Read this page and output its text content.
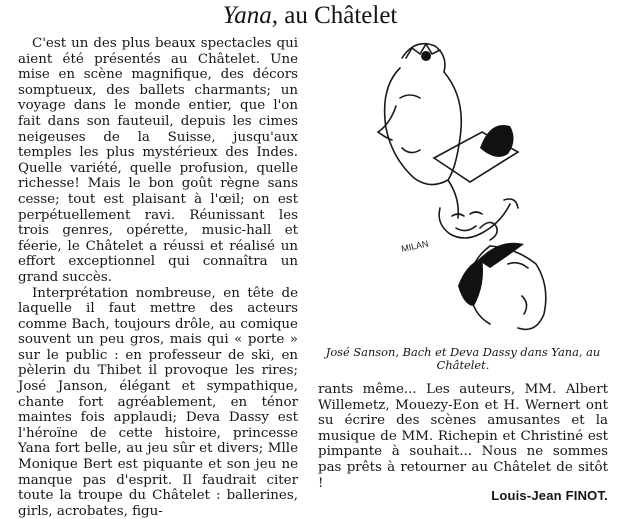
Yana, au Châtelet

C'est un des plus beaux spectacles qui aient été présentés au Châtelet. Une mise en scène magnifique, des décors somptueux, des ballets charmants; un voyage dans le monde entier, que l'on fait dans son fauteuil, depuis les cimes neigeuses de la Suisse, jusqu'aux temples les plus mystérieux des Indes. Quelle variété, quelle profusion, quelle richesse! Mais le bon goût règne sans cesse; tout est plaisant à l'œil; on est perpétuellement ravi. Réunissant les trois genres, opérette, music-hall et féerie, le Châtelet a réussi et réalisé un effort exceptionnel qui connaîtra un grand succès.

Interprétation nombreuse, en tête de laquelle il faut mettre des acteurs comme Bach, toujours drôle, au comique souvent un peu gros, mais qui « porte » sur le public : en professeur de ski, en pèlerin du Thibet il provoque les rires; José Janson, élégant et sympathique, chante fort agréablement, en ténor maintes fois applaudi; Deva Dassy est l'héroïne de cette histoire, princesse Yana fort belle, au jeu sûr et divers; Mlle Monique Bert est piquante et son jeu ne manque pas d'esprit. Il faudrait citer toute la troupe du Châtelet : ballerines, girls, acrobates, figu-

MILAN
José Sanson, Bach et Deva Dassy dans Yana, au Châtelet.

rants même... Les auteurs, MM. Albert Willemetz, Mouezy-Eon et H. Wernert ont su écrire des scènes amusantes et la musique de MM. Richepin et Christiné est pimpante à souhait... Nous ne sommes pas prêts à retourner au Châtelet de sitôt !

Louis-Jean FINOT.
